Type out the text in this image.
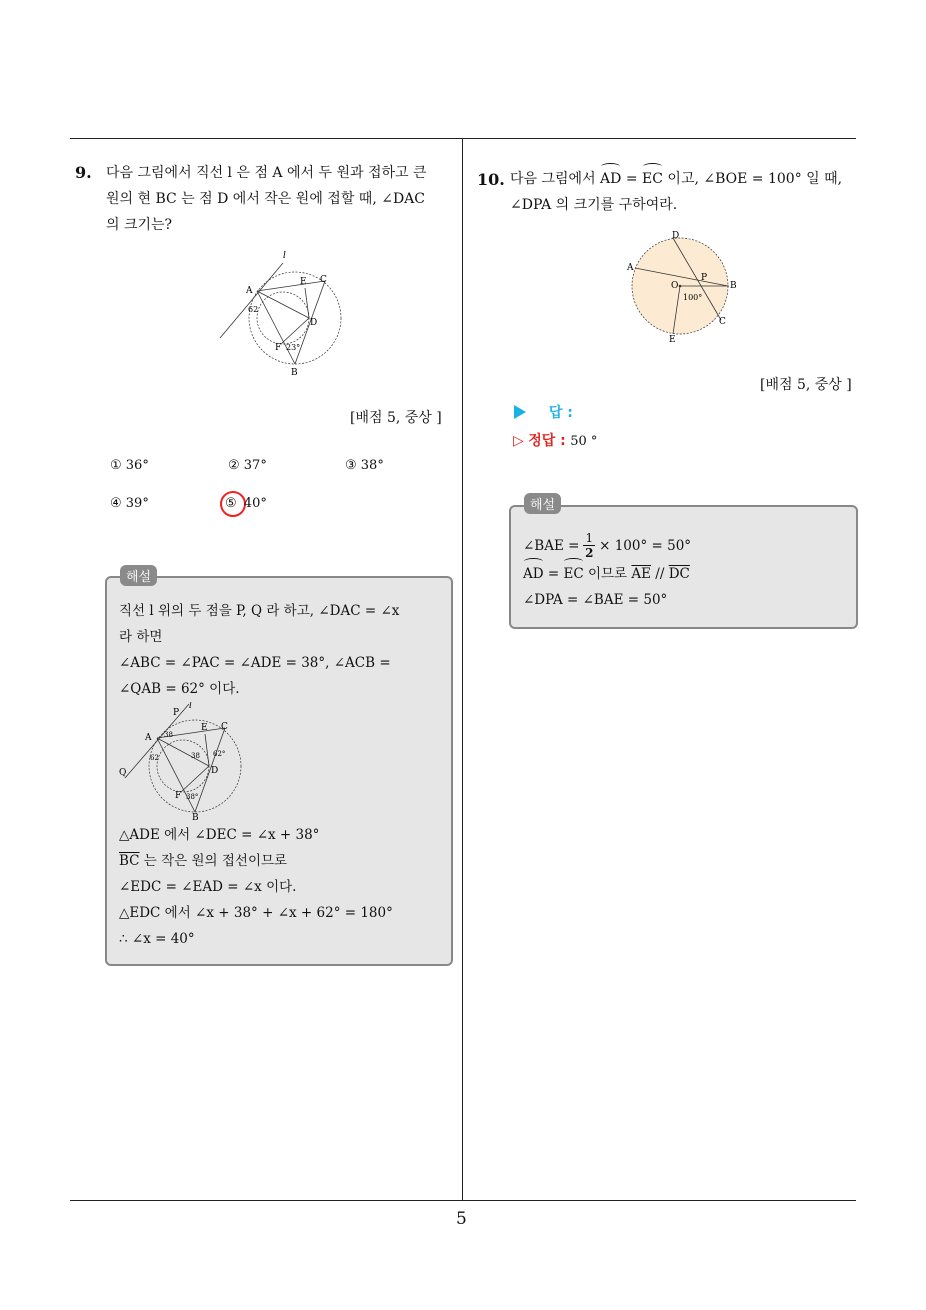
9. 다음 그림에서 직선 l 은 점 A 에서 두 원과 접하고 큰
원의 현 BC 는 점 D 에서 작은 원에 접할 때, ∠DAC
의 크기는?
l
A
E C
D
F
B
62
23°
[배점 5, 중상 ]
① 36°	② 37°	③ 38°
④ 39°	⑤ 40°
직선 l 위의 두 점을 P, Q 라 하고, ∠DAC = ∠x
라 하면
∠ABC = ∠PAC = ∠ADE = 38°, ∠ACB =
∠QAB = 62° 이다.
P
l
A
E C
38
38 62°
D
Q
62
F 38°
B
△ADE 에서 ∠DEC = ∠x + 38°
$\overline{BC}$ 는 작은 원의 접선이므로
∠EDC = ∠EAD = ∠x 이다.
△EDC 에서 ∠x + 38° + ∠x + 62° = 180°
∴ ∠x = 40°
해설
10. 다음 그림에서 AD = EC 이고, ∠BOE = 100° 일 때,
∠DPA 의 크기를 구하여라.
D
A
P
O	B
100°
C
E
[배점 5, 중상 ]
답 :
▷ 정답 : 50 °
∠BAE = $\frac{1}{2} \times 100^\circ = 50^\circ$
AD = EC 이므로 $\overline{AE} // \overline{DC}$
∠DPA = ∠BAE = 50°
해설
5
